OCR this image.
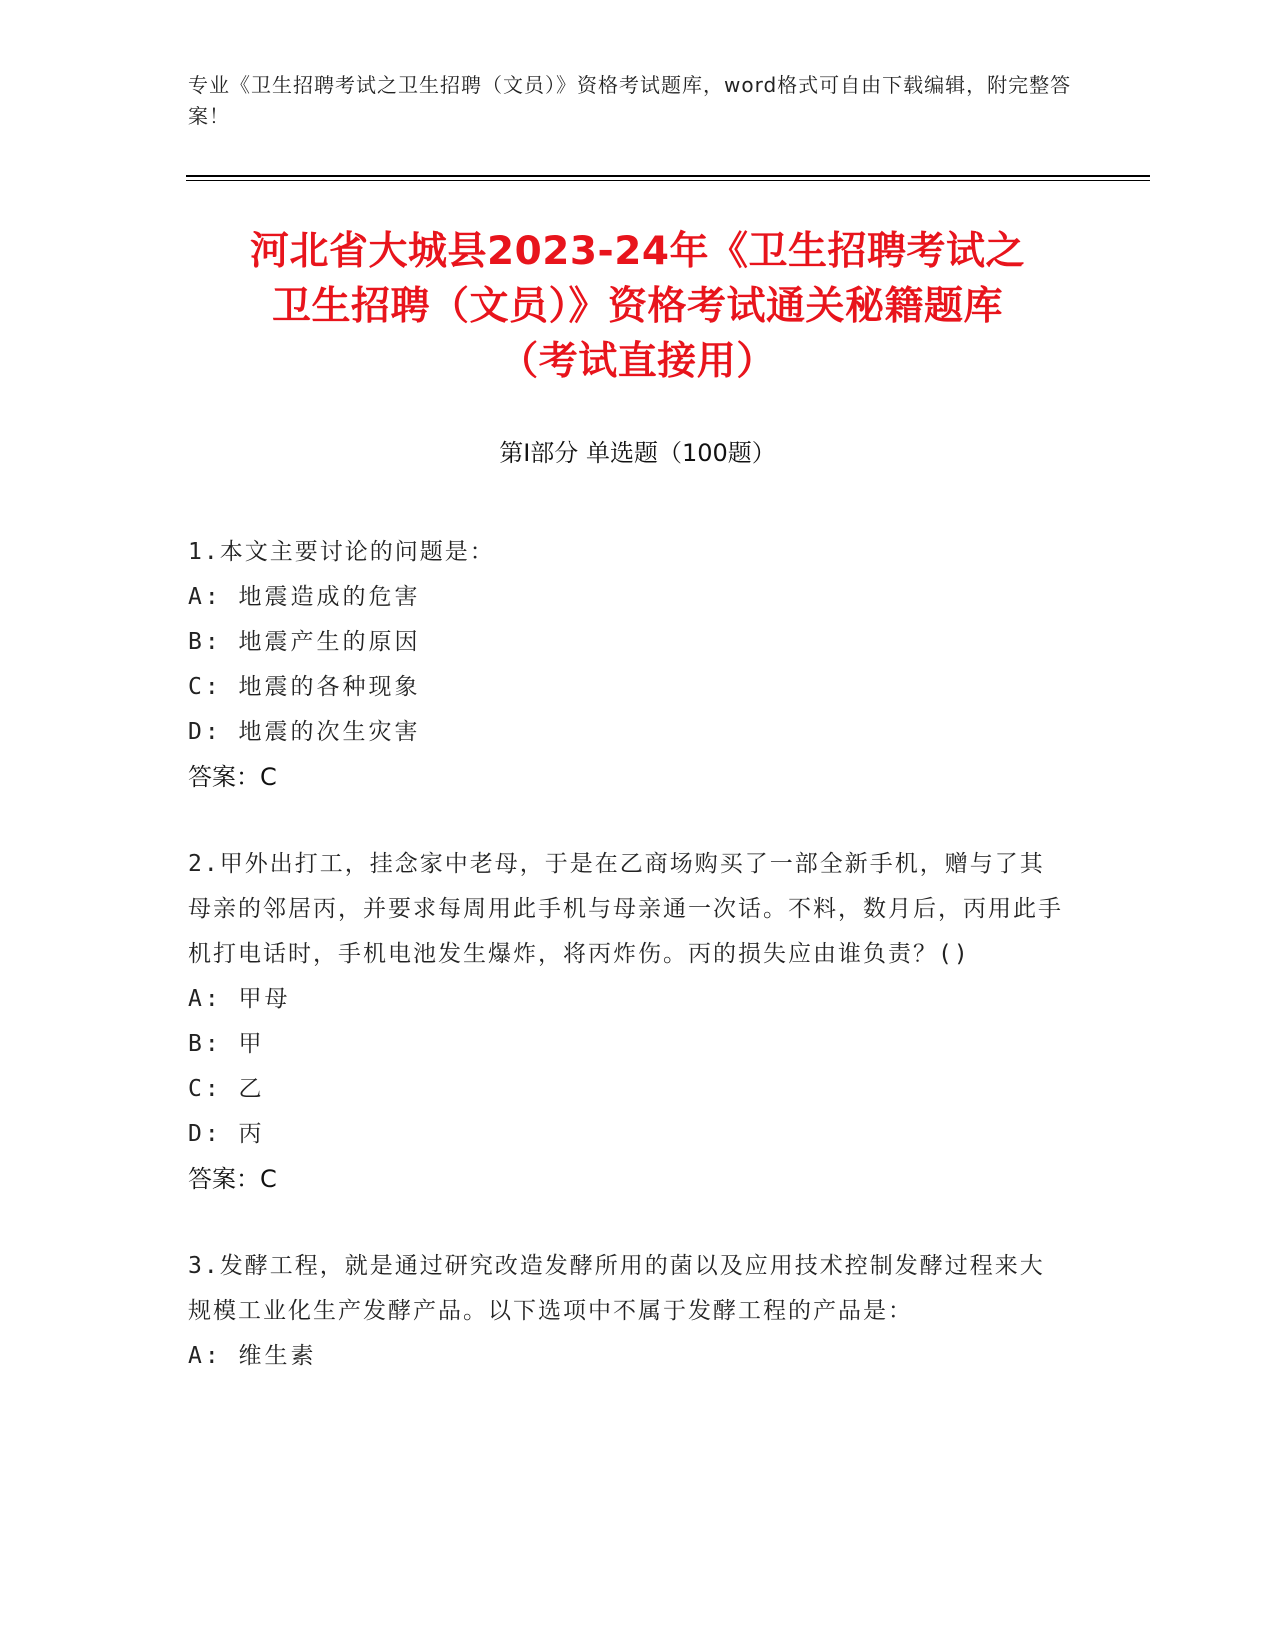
专业《卫生招聘考试之卫生招聘（文员）》资格考试题库，word格式可自由下载编辑，附完整答案！
河北省大城县2023-24年《卫生招聘考试之
卫生招聘（文员）》资格考试通关秘籍题库
（考试直接用）
第Ⅰ部分 单选题（100题）
1.本文主要讨论的问题是：
A: 地震造成的危害
B: 地震产生的原因
C: 地震的各种现象
D: 地震的次生灾害
答案：C
2.甲外出打工，挂念家中老母，于是在乙商场购买了一部全新手机，赠与了其母亲的邻居丙，并要求每周用此手机与母亲通一次话。不料，数月后，丙用此手机打电话时，手机电池发生爆炸，将丙炸伤。丙的损失应由谁负责？()
A: 甲母
B: 甲
C: 乙
D: 丙
答案：C
3.发酵工程，就是通过研究改造发酵所用的菌以及应用技术控制发酵过程来大规模工业化生产发酵产品。以下选项中不属于发酵工程的产品是：
A: 维生素
